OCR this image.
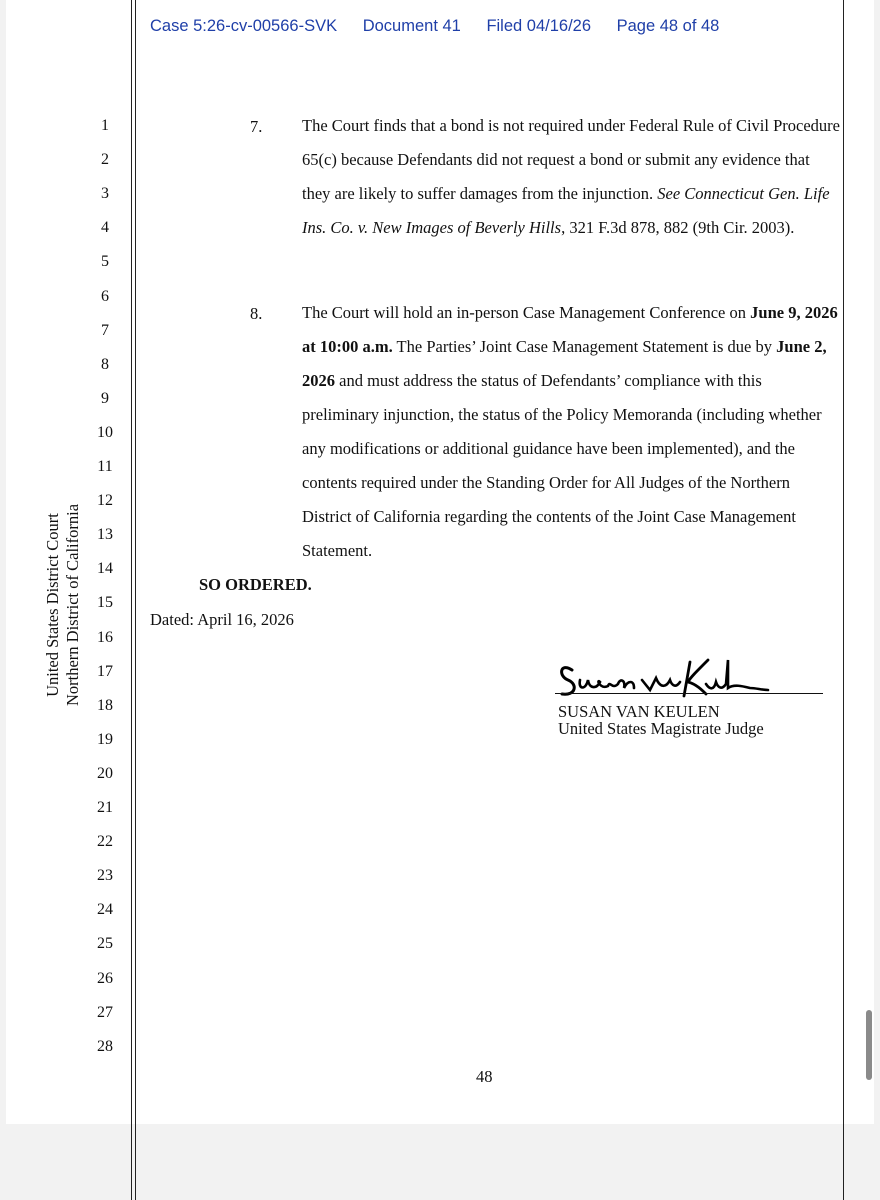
Case 5:26-cv-00566-SVK Document 41 Filed 04/16/26 Page 48 of 48
1
2
3
4
5
6
7
8
9
10
11
12
13
14
15
16
17
18
19
20
21
22
23
24
25
26
27
28
United States District Court Northern District of California
7. The Court finds that a bond is not required under Federal Rule of Civil Procedure 65(c) because Defendants did not request a bond or submit any evidence that they are likely to suffer damages from the injunction. See Connecticut Gen. Life Ins. Co. v. New Images of Beverly Hills, 321 F.3d 878, 882 (9th Cir. 2003).
8. The Court will hold an in-person Case Management Conference on June 9, 2026 at 10:00 a.m. The Parties’ Joint Case Management Statement is due by June 2, 2026 and must address the status of Defendants’ compliance with this preliminary injunction, the status of the Policy Memoranda (including whether any modifications or additional guidance have been implemented), and the contents required under the Standing Order for All Judges of the Northern District of California regarding the contents of the Joint Case Management Statement.
SO ORDERED.
Dated: April 16, 2026
SUSAN VAN KEULEN
United States Magistrate Judge
48
